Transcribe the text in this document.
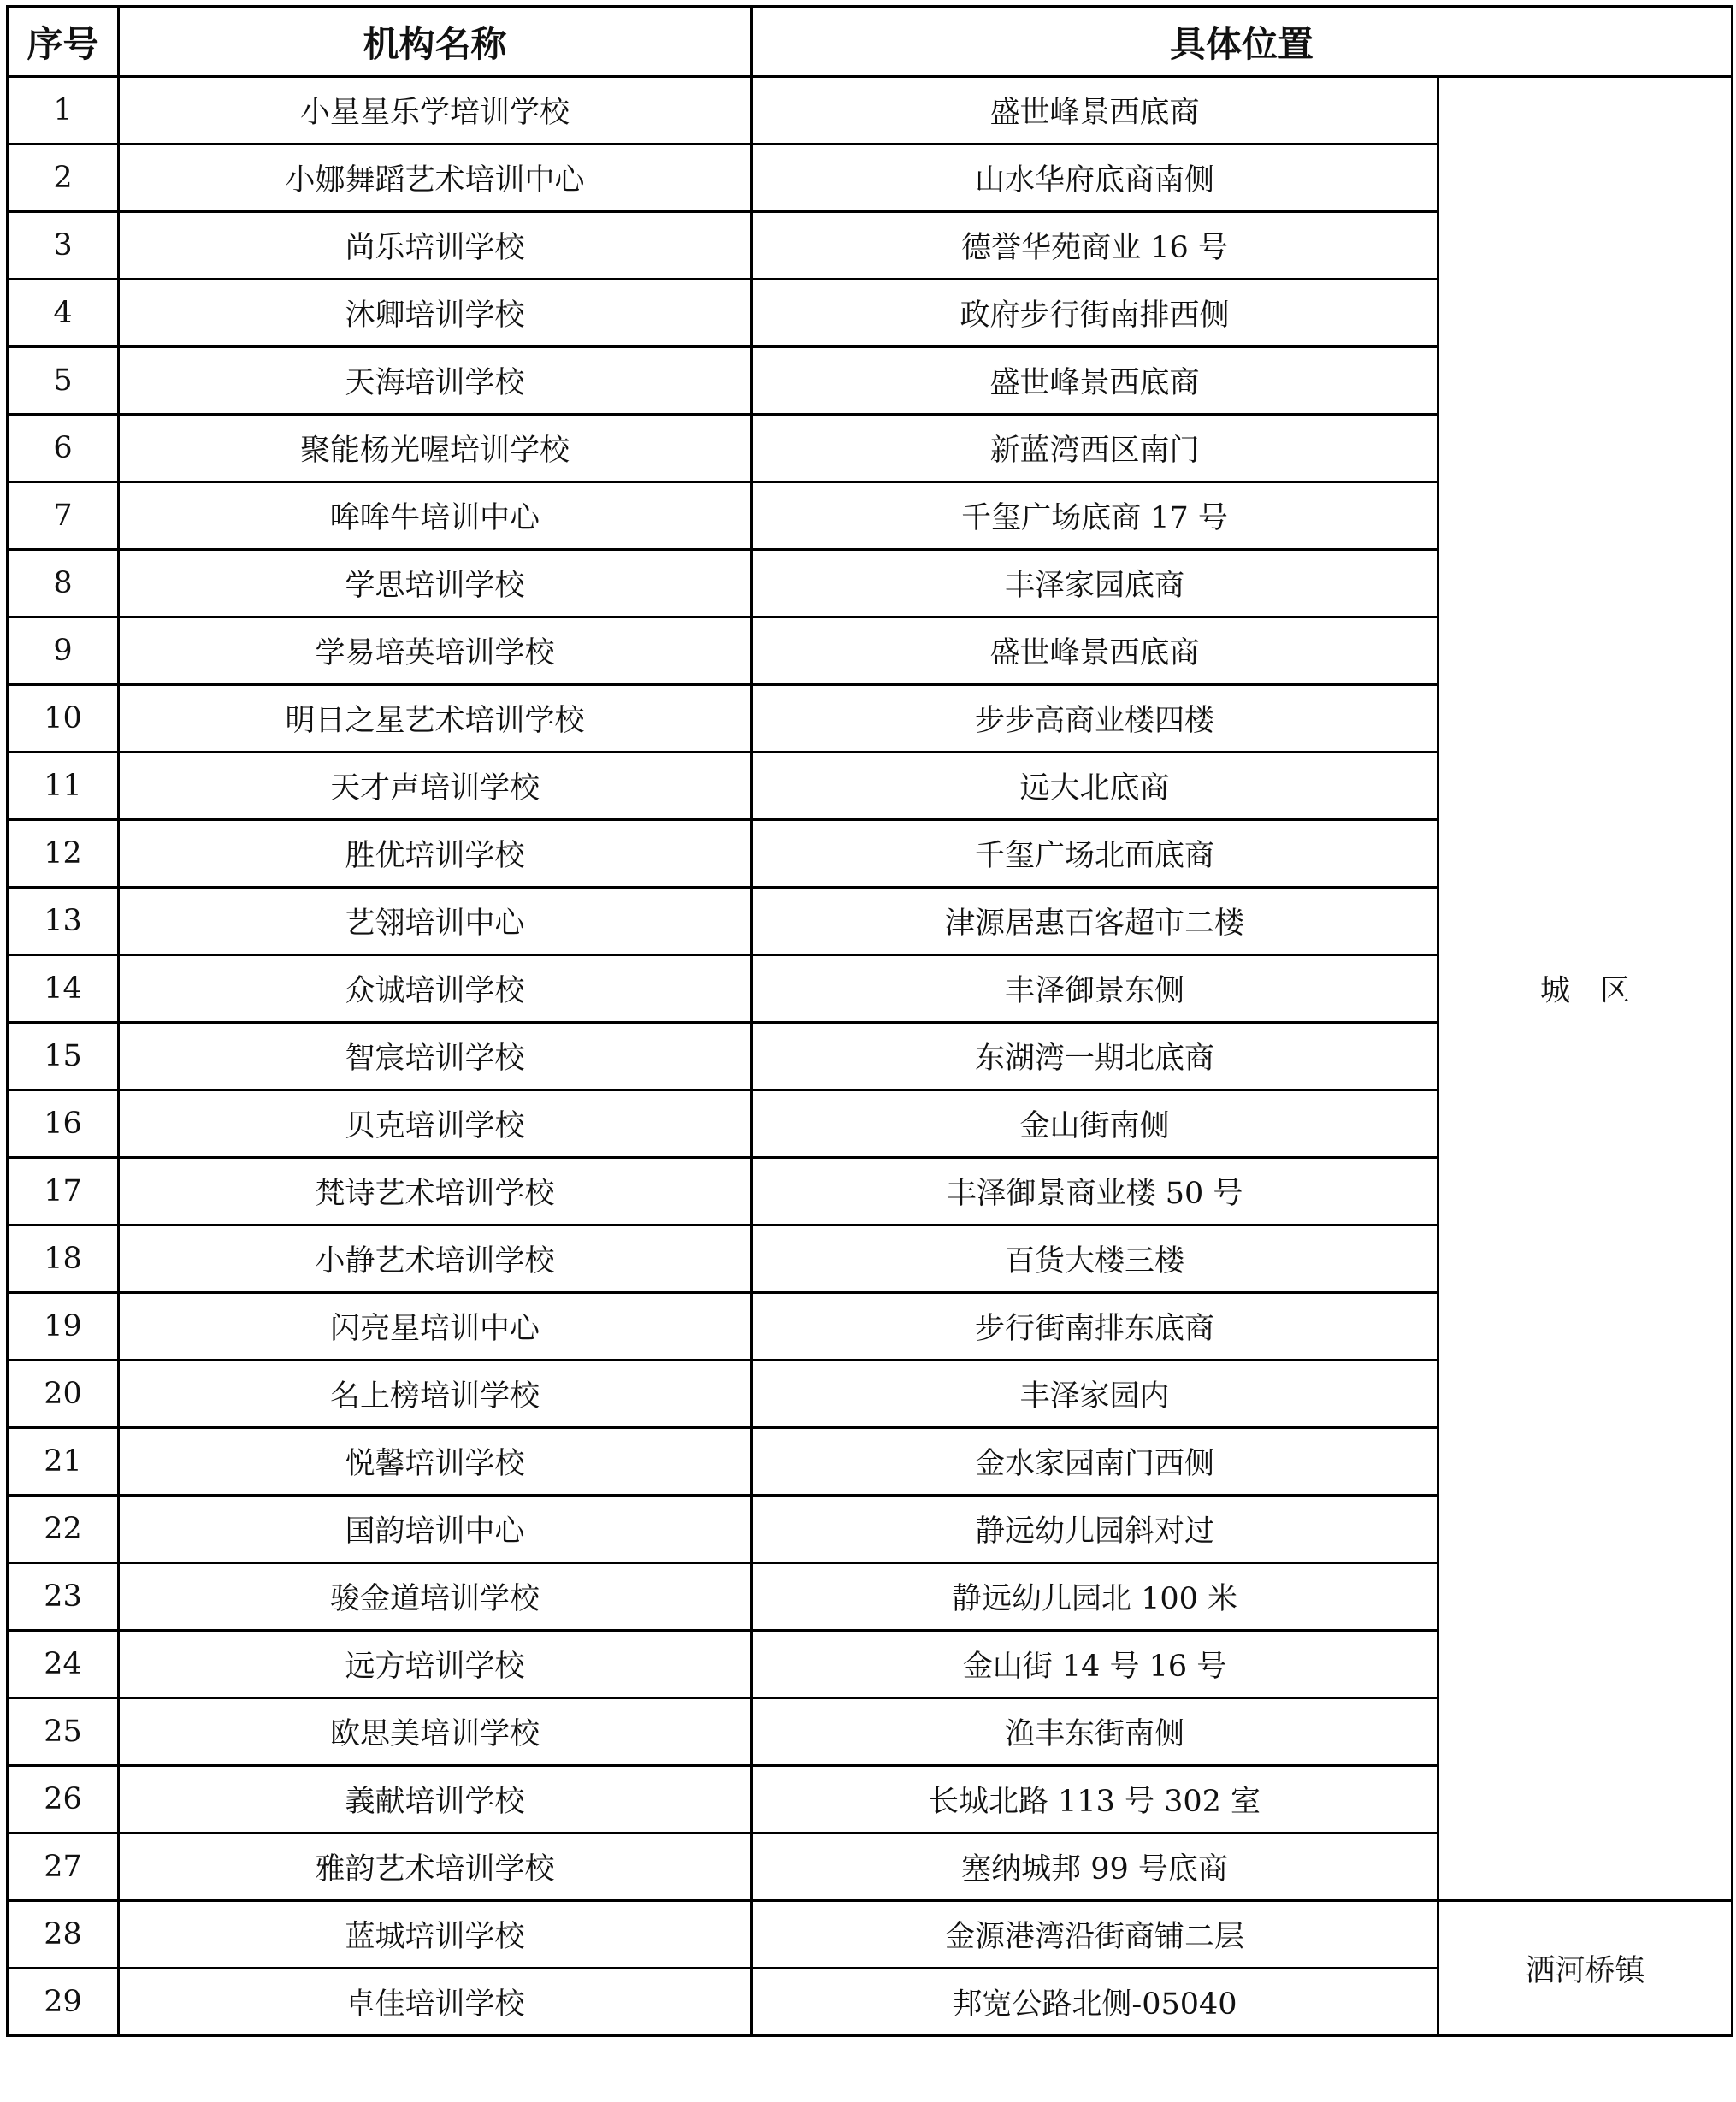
序号	机构名称	具体位置	
1	小星星乐学培训学校	盛世峰景西底商	城　区
2	小娜舞蹈艺术培训中心	山水华府底商南侧	
3	尚乐培训学校	德誉华苑商业 16 号	
4	沐卿培训学校	政府步行街南排西侧	
5	天海培训学校	盛世峰景西底商	
6	聚能杨光喔培训学校	新蓝湾西区南门	
7	哞哞牛培训中心	千玺广场底商 17 号	
8	学思培训学校	丰泽家园底商	
9	学易培英培训学校	盛世峰景西底商	
10	明日之星艺术培训学校	步步高商业楼四楼	
11	天才声培训学校	远大北底商	
12	胜优培训学校	千玺广场北面底商	
13	艺翎培训中心	津源居惠百客超市二楼	
14	众诚培训学校	丰泽御景东侧	
15	智宸培训学校	东湖湾一期北底商	
16	贝克培训学校	金山街南侧	
17	梵诗艺术培训学校	丰泽御景商业楼 50 号	
18	小静艺术培训学校	百货大楼三楼	
19	闪亮星培训中心	步行街南排东底商	
20	名上榜培训学校	丰泽家园内	
21	悦馨培训学校	金水家园南门西侧	
22	国韵培训中心	静远幼儿园斜对过	
23	骏金道培训学校	静远幼儿园北 100 米	
24	远方培训学校	金山街 14 号 16 号	
25	欧思美培训学校	渔丰东街南侧	
26	義献培训学校	长城北路 113 号 302 室	
27	雅韵艺术培训学校	塞纳城邦 99 号底商	
28	蓝城培训学校	金源港湾沿街商铺二层	洒河桥镇
29	卓佳培训学校	邦宽公路北侧-05040	
